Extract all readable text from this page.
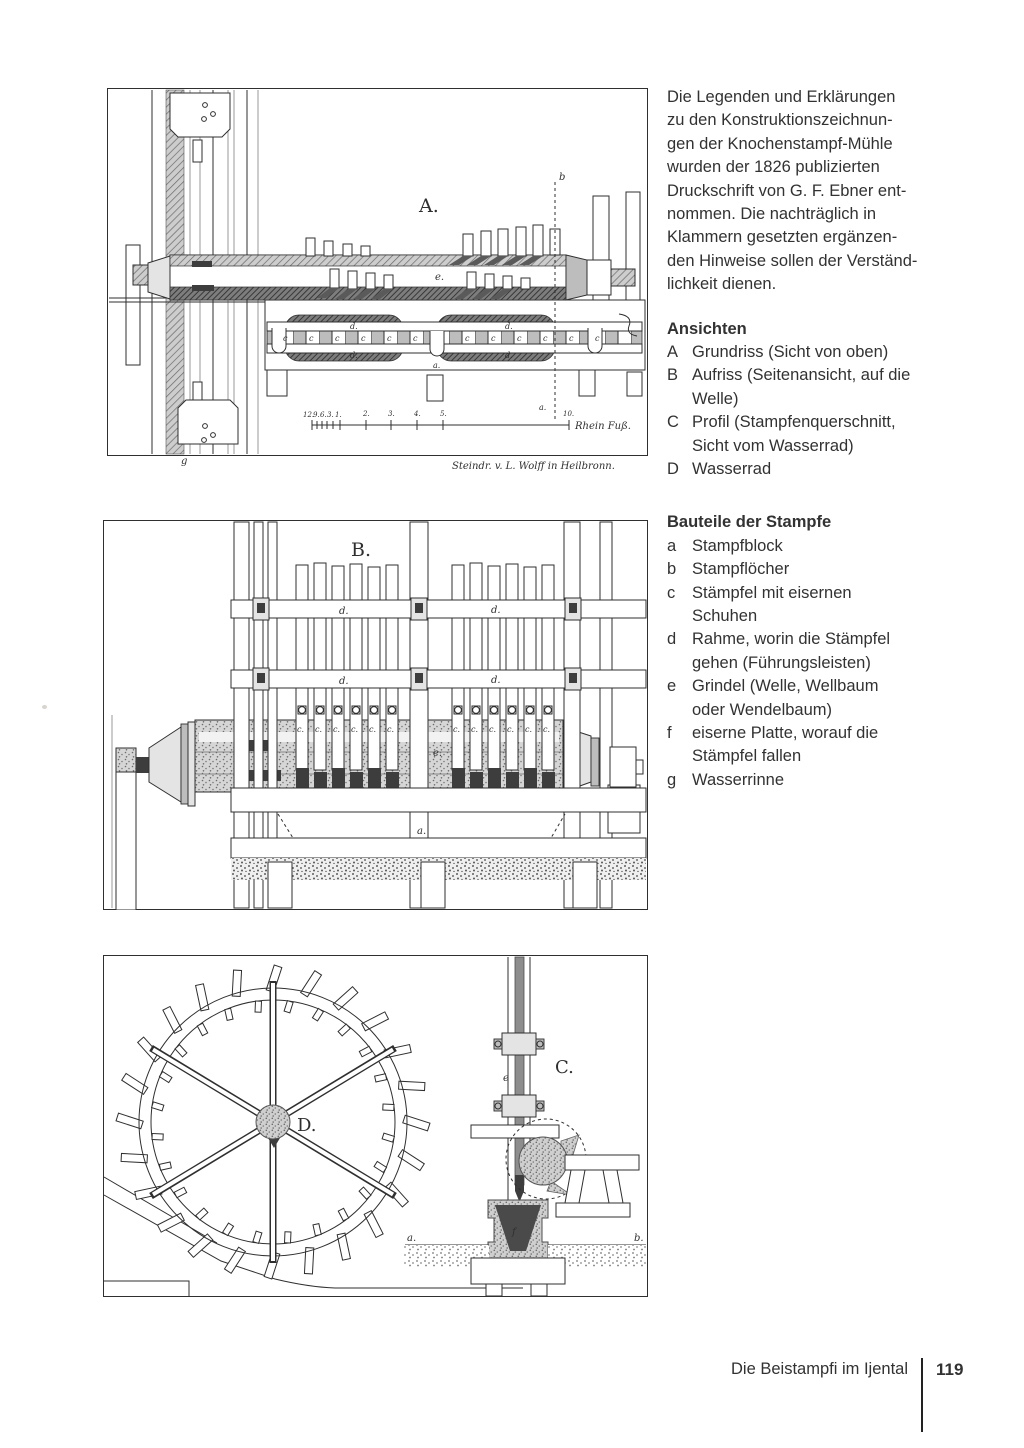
g
d.	d.
d.	d.
a.
c	c	c	c	c	c	c	c	c	c	c	c
e.
b
a.
A.
12.
9. 6. 3. 1.	2.	3.	4.	5.	10.
Rhein Fuß.
Steindr. v. L. Wolff in Heilbronn.
e.
d.	d.
d.	d.
c. c. c. c. c. c.	c. c. c. c. c. c.
a.
B.
D.
f
a.	b.
e
C.
Die Legenden und Erklärungen
zu den Konstruktionszeichnun-
gen der Knochenstampf-Mühle
wurden der 1826 publizierten
Druckschrift von G. F. Ebner ent-
nommen. Die nachträglich in
Klammern gesetzten ergänzen-
den Hinweise sollen der Verständ-
lichkeit dienen.
Ansichten
A Grundriss (Sicht von oben)
B Aufriss (Seitenansicht, auf die Welle)
C Profil (Stampfenquerschnitt, Sicht vom Wasserrad)
D Wasserrad
Bauteile der Stampfe
a Stampfblock
b Stampflöcher
c	Stämpfel mit eisernen Schuhen
d Rahme, worin die Stämpfel gehen (Führungsleisten)
e Grindel (Welle, Wellbaum oder Wendelbaum)
f	eiserne Platte, worauf die Stämpfel fallen
g Wasserrinne
Die Beistampfi im Ijental 119
